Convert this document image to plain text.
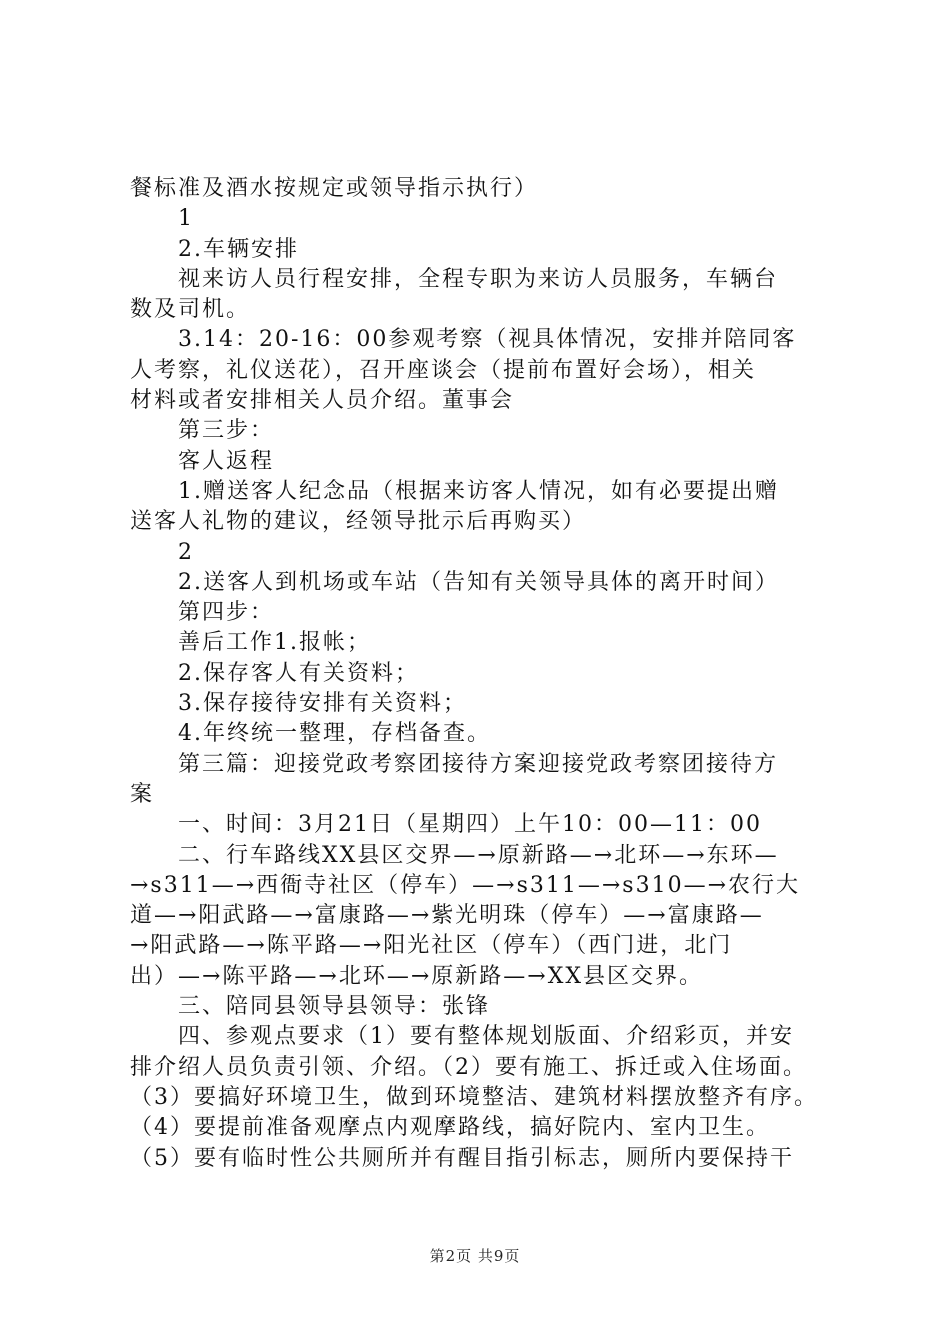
餐标准及酒水按规定或领导指示执行）
1
2.车辆安排
视来访人员行程安排，全程专职为来访人员服务，车辆台
数及司机。
3.14：20-16：00参观考察（视具体情况，安排并陪同客
人考察，礼仪送花），召开座谈会（提前布置好会场），相关
材料或者安排相关人员介绍。董事会
第三步：
客人返程
1.赠送客人纪念品（根据来访客人情况，如有必要提出赠
送客人礼物的建议，经领导批示后再购买）
2
2.送客人到机场或车站（告知有关领导具体的离开时间）
第四步：
善后工作1.报帐；
2.保存客人有关资料；
3.保存接待安排有关资料；
4.年终统一整理，存档备查。
第三篇：迎接党政考察团接待方案迎接党政考察团接待方
案
一、时间：3月21日（星期四）上午10：00—11：00
二、行车路线XX县区交界—→原新路—→北环—→东环—
→s311—→西衙寺社区（停车）—→s311—→s310—→农行大
道—→阳武路—→富康路—→紫光明珠（停车）—→富康路—
→阳武路—→陈平路—→阳光社区（停车）（西门进，北门
出）—→陈平路—→北环—→原新路—→XX县区交界。
三、陪同县领导县领导：张锋
四、参观点要求（1）要有整体规划版面、介绍彩页，并安
排介绍人员负责引领、介绍。（2）要有施工、拆迁或入住场面。
（3）要搞好环境卫生，做到环境整洁、建筑材料摆放整齐有序。
（4）要提前准备观摩点内观摩路线，搞好院内、室内卫生。
（5）要有临时性公共厕所并有醒目指引标志，厕所内要保持干
第2页 共9页
